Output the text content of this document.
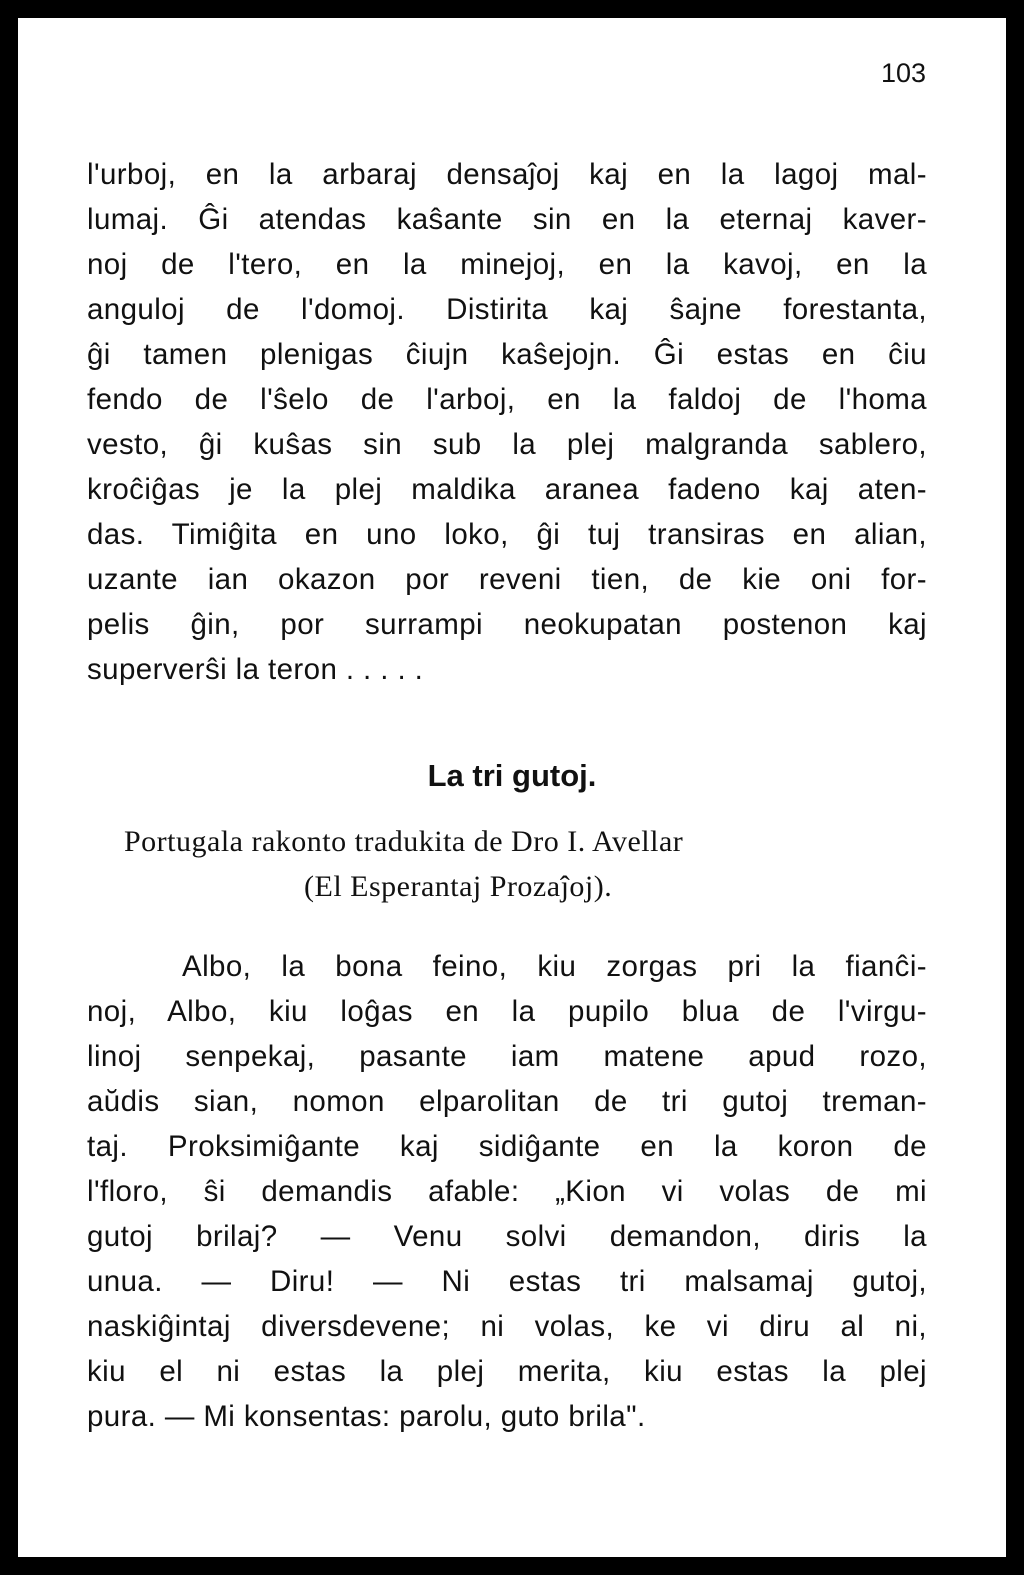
103
l'urboj, en la arbaraj densaĵoj kaj en la lagoj mal-
lumaj. Ĝi atendas kaŝante sin en la eternaj kaver-
noj de l'tero, en la minejoj, en la kavoj, en la
anguloj de l'domoj. Distirita kaj ŝajne forestanta,
ĝi tamen plenigas ĉiujn kaŝejojn. Ĝi estas en ĉiu
fendo de l'ŝelo de l'arboj, en la faldoj de l'homa
vesto, ĝi kuŝas sin sub la plej malgranda sablero,
kroĉiĝas je la plej maldika aranea fadeno kaj aten-
das. Timiĝita en uno loko, ĝi tuj transiras en alian,
uzante ian okazon por reveni tien, de kie oni for-
pelis ĝin, por surrampi neokupatan postenon kaj
superverŝi la teron . . . . .
La tri gutoj.
Portugala rakonto tradukita de Dro I. Avellar
(El Esperantaj Prozaĵoj).
Albo, la bona feino, kiu zorgas pri la fianĉi-
noj, Albo, kiu loĝas en la pupilo blua de l'virgu-
linoj senpekaj, pasante iam matene apud rozo,
aŭdis sian, nomon elparolitan de tri gutoj treman-
taj. Proksimiĝante kaj sidiĝante en la koron de
l'floro, ŝi demandis afable: „Kion vi volas de mi
gutoj brilaj? — Venu solvi demandon, diris la
unua. — Diru! — Ni estas tri malsamaj gutoj,
naskiĝintaj diversdevene; ni volas, ke vi diru al ni,
kiu el ni estas la plej merita, kiu estas la plej
pura. — Mi konsentas: parolu, guto brila".
